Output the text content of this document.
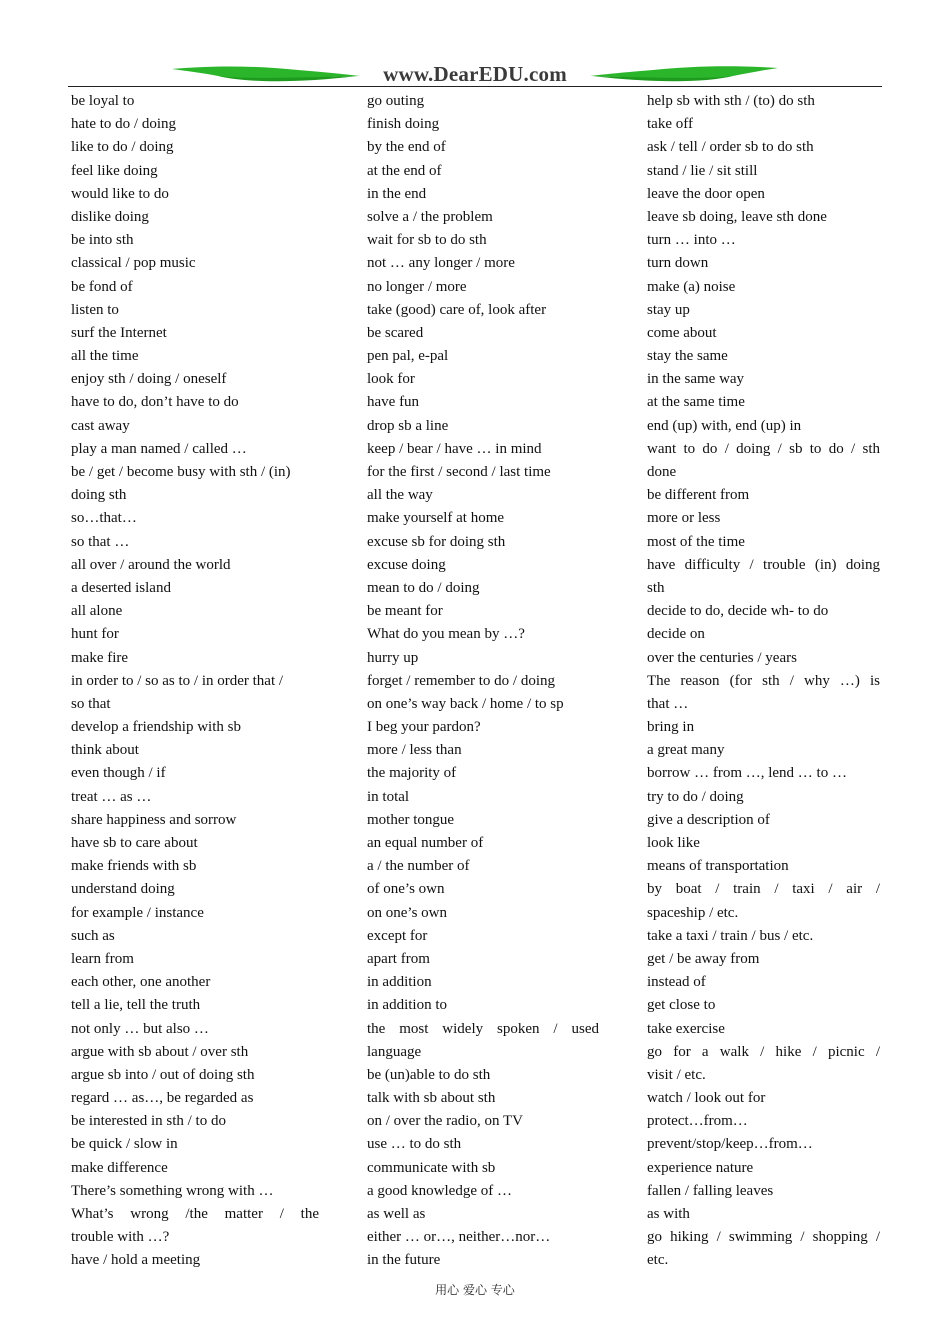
www.DearEDU.com
be loyal to
hate to do / doing
like to do / doing
feel like doing
would like to do
dislike doing
be into sth
classical / pop music
be fond of
listen to
surf the Internet
all the time
enjoy sth / doing / oneself
have to do, don’t have to do
cast away
play a man named / called …
be / get / become busy with sth / (in)
doing sth
so…that…
so that …
all over / around the world
a deserted island
all alone
hunt for
make fire
in order to / so as to / in order that /
so that
develop a friendship with sb
think about
even though / if
treat … as …
share happiness and sorrow
have sb to care about
make friends with sb
understand doing
for example / instance
such as
learn from
each other, one another
tell a lie, tell the truth
not only … but also …
argue with sb about / over sth
argue sb into / out of doing sth
regard … as…, be regarded as
be interested in sth / to do
be quick / slow in
make difference
There’s something wrong with …
What’s wrong /the matter / the
trouble with …?
have / hold a meeting
go outing
finish doing
by the end of
at the end of
in the end
solve a / the problem
wait for sb to do sth
not … any longer / more
no longer / more
take (good) care of, look after
be scared
pen pal, e-pal
look for
have fun
drop sb a line
keep / bear / have … in mind
for the first / second / last time
all the way
make yourself at home
excuse sb for doing sth
excuse doing
mean to do / doing
be meant for
What do you mean by …?
hurry up
forget / remember to do / doing
on one’s way back / home / to sp
I beg your pardon?
more / less than
the majority of
in total
mother tongue
an equal number of
a / the number of
of one’s own
on one’s own
except for
apart from
in addition
in addition to
the most widely spoken / used
language
be (un)able to do sth
talk with sb about sth
on / over the radio, on TV
use … to do sth
communicate with sb
a good knowledge of …
as well as
either … or…, neither…nor…
in the future
help sb with sth / (to) do sth
take off
ask / tell / order sb to do sth
stand / lie / sit still
leave the door open
leave sb doing, leave sth done
turn … into …
turn down
make (a) noise
stay up
come about
stay the same
in the same way
at the same time
end (up) with, end (up) in
want to do / doing / sb to do / sth
done
be different from
more or less
most of the time
have difficulty / trouble (in) doing
sth
decide to do, decide wh- to do
decide on
over the centuries / years
The reason (for sth / why …) is
that …
bring in
a great many
borrow … from …, lend … to …
try to do / doing
give a description of
look like
means of transportation
by boat / train / taxi / air /
spaceship / etc.
take a taxi / train / bus / etc.
get / be away from
instead of
get close to
take exercise
go for a walk / hike / picnic /
visit / etc.
watch / look out for
protect…from…
prevent/stop/keep…from…
experience nature
fallen / falling leaves
as with
go hiking / swimming / shopping /
etc.
用心 爱心 专心
